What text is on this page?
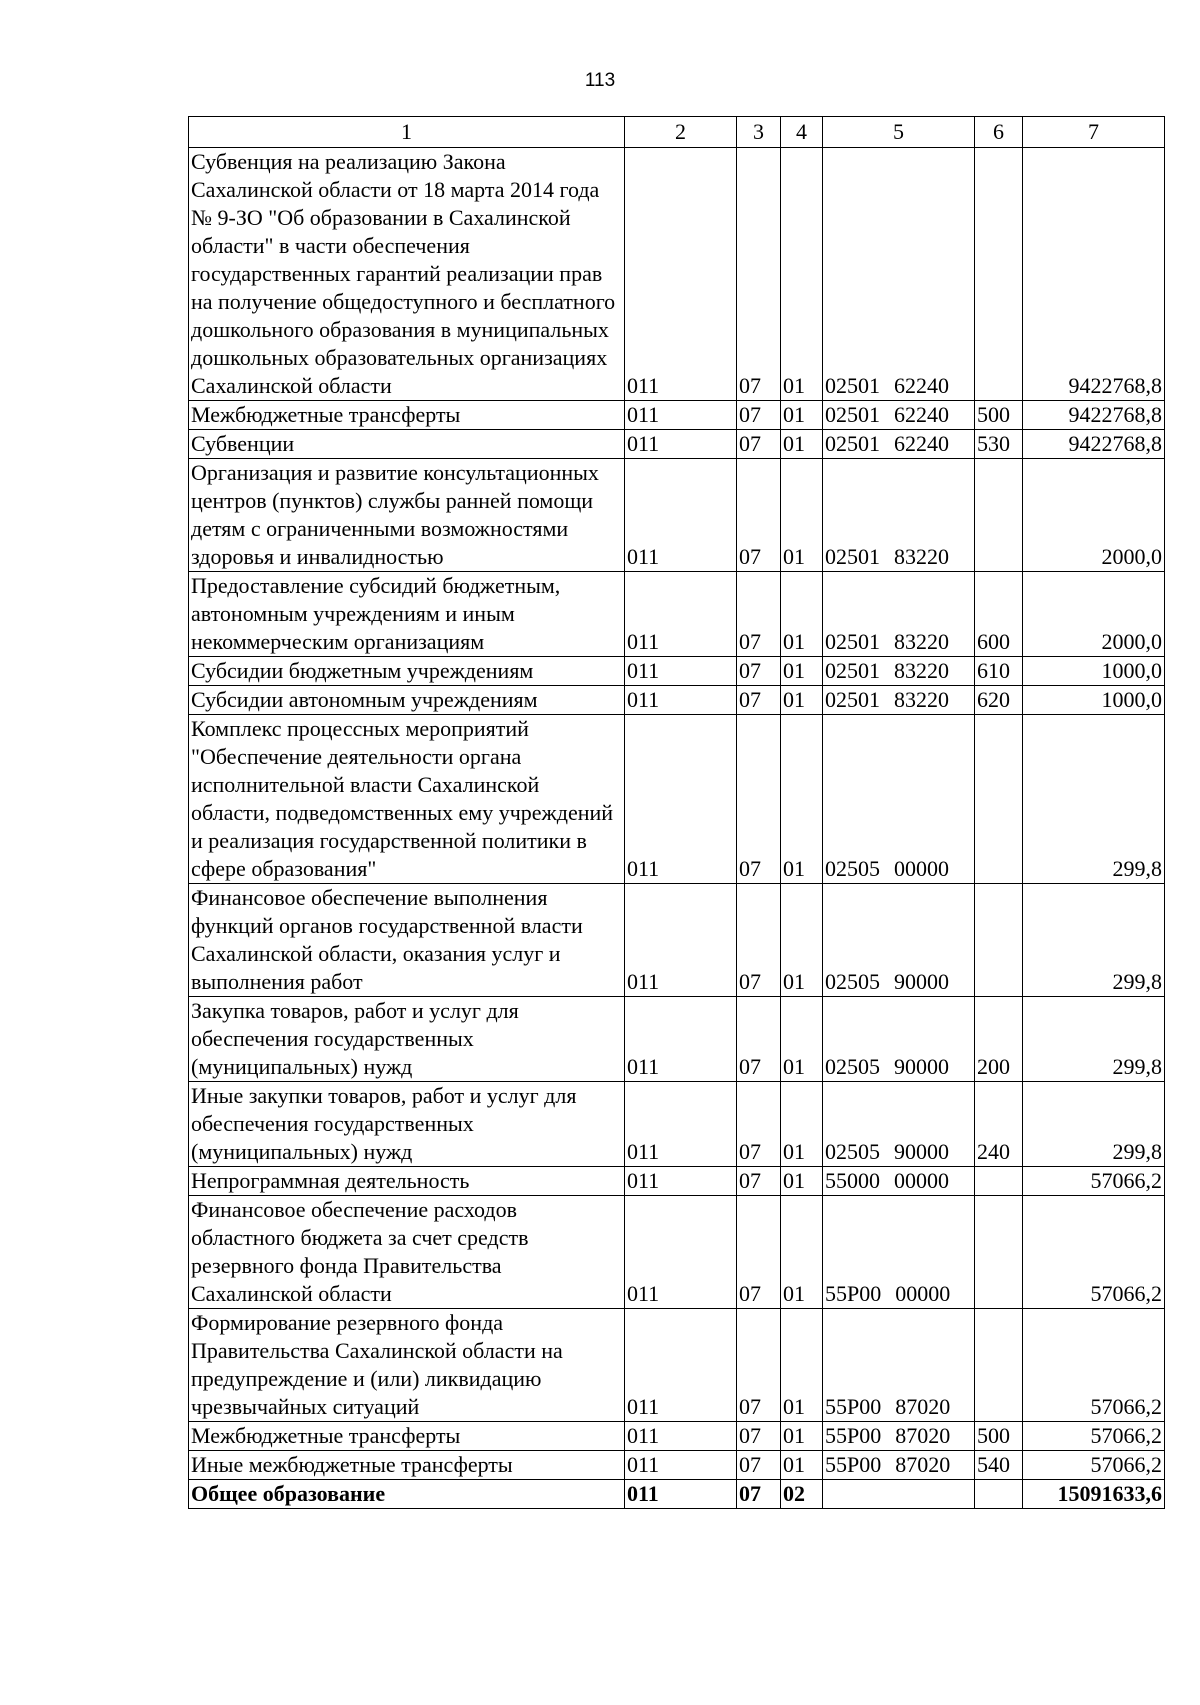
113
1	2	3	4	5	6	7
Субвенция на реализацию Закона Сахалинской области от 18 марта 2014 года № 9-ЗО "Об образовании в Сахалинской области" в части обеспечения государственных гарантий реализации прав на получение общедоступного и бесплатного дошкольного образования в муниципальных дошкольных образовательных организациях Сахалинской области	011	07	01	02501 62240		9422768,8
Межбюджетные трансферты	011	07	01	02501 62240	500	9422768,8
Субвенции	011	07	01	02501 62240	530	9422768,8
Организация и развитие консультационных центров (пунктов) службы ранней помощи детям с ограниченными возможностями здоровья и инвалидностью	011	07	01	02501 83220		2000,0
Предоставление субсидий бюджетным, автономным учреждениям и иным некоммерческим организациям	011	07	01	02501 83220	600	2000,0
Субсидии бюджетным учреждениям	011	07	01	02501 83220	610	1000,0
Субсидии автономным учреждениям	011	07	01	02501 83220	620	1000,0
Комплекс процессных мероприятий "Обеспечение деятельности органа исполнительной власти Сахалинской области, подведомственных ему учреждений и реализация государственной политики в сфере образования"	011	07	01	02505 00000		299,8
Финансовое обеспечение выполнения функций органов государственной власти Сахалинской области, оказания услуг и выполнения работ	011	07	01	02505 90000		299,8
Закупка товаров, работ и услуг для обеспечения государственных (муниципальных) нужд	011	07	01	02505 90000	200	299,8
Иные закупки товаров, работ и услуг для обеспечения государственных (муниципальных) нужд	011	07	01	02505 90000	240	299,8
Непрограммная деятельность	011	07	01	55000 00000		57066,2
Финансовое обеспечение расходов областного бюджета за счет средств резервного фонда Правительства Сахалинской области	011	07	01	55Р00 00000		57066,2
Формирование резервного фонда Правительства Сахалинской области на предупреждение и (или) ликвидацию чрезвычайных ситуаций	011	07	01	55Р00 87020		57066,2
Межбюджетные трансферты	011	07	01	55Р00 87020	500	57066,2
Иные межбюджетные трансферты	011	07	01	55Р00 87020	540	57066,2
Общее образование	011	07	02			15091633,6
